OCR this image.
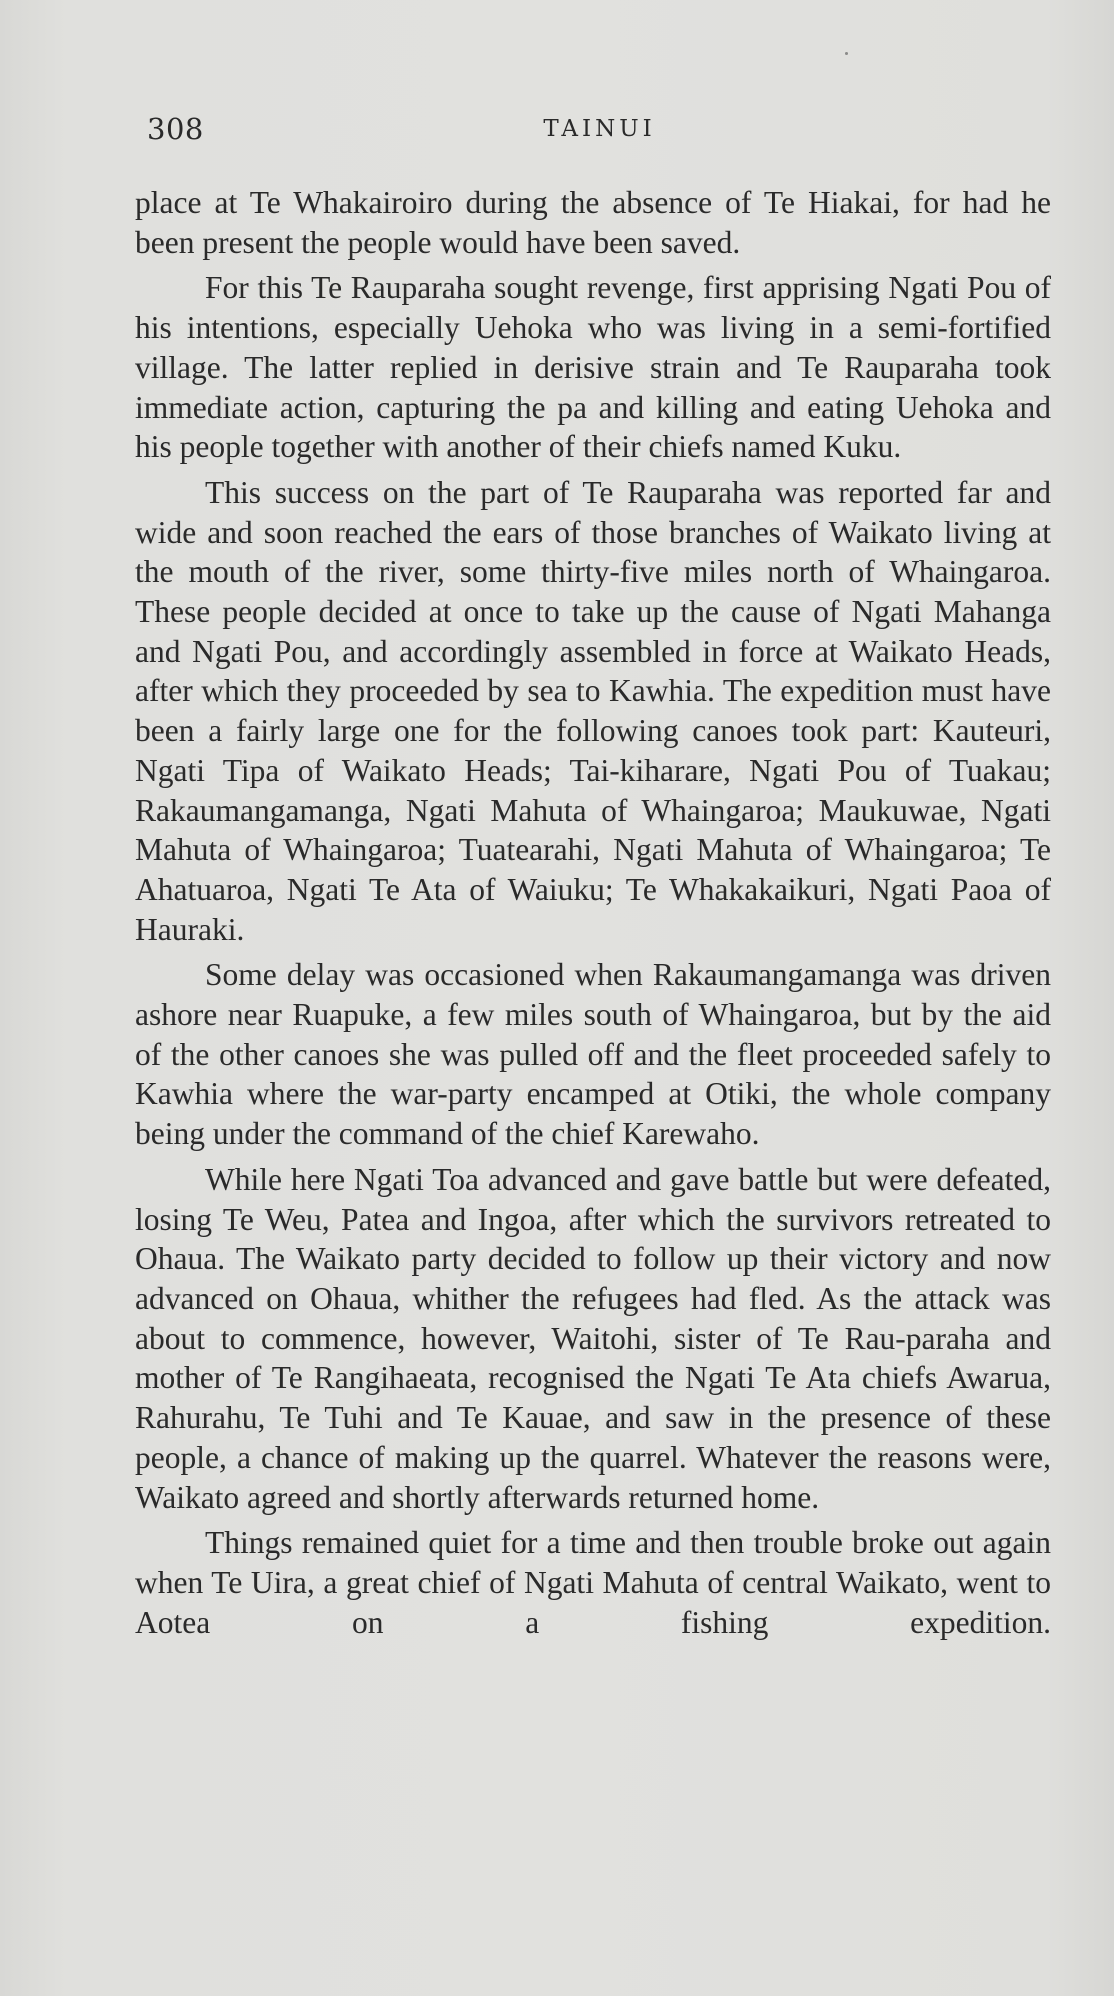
308	TAINUI

place at Te Whakairoiro during the absence of Te Hiakai, for had he been present the people would have been saved.

For this Te Rauparaha sought revenge, first apprising Ngati Pou of his intentions, especially Uehoka who was living in a semi-fortified village. The latter replied in derisive strain and Te Rauparaha took immediate action, capturing the pa and killing and eating Uehoka and his people together with another of their chiefs named Kuku.

This success on the part of Te Rauparaha was reported far and wide and soon reached the ears of those branches of Waikato living at the mouth of the river, some thirty-five miles north of Whaingaroa. These people decided at once to take up the cause of Ngati Mahanga and Ngati Pou, and accordingly assembled in force at Waikato Heads, after which they proceeded by sea to Kawhia. The expedition must have been a fairly large one for the following canoes took part: Kauteuri, Ngati Tipa of Waikato Heads; Tai-kiharare, Ngati Pou of Tuakau; Rakaumangamanga, Ngati Mahuta of Whaingaroa; Maukuwae, Ngati Mahuta of Whaingaroa; Tuatearahi, Ngati Mahuta of Whaingaroa; Te Ahatuaroa, Ngati Te Ata of Waiuku; Te Whakakaikuri, Ngati Paoa of Hauraki.

Some delay was occasioned when Rakaumangamanga was driven ashore near Ruapuke, a few miles south of Whaingaroa, but by the aid of the other canoes she was pulled off and the fleet proceeded safely to Kawhia where the war-party encamped at Otiki, the whole company being under the command of the chief Karewaho.

While here Ngati Toa advanced and gave battle but were defeated, losing Te Weu, Patea and Ingoa, after which the survivors retreated to Ohaua. The Waikato party decided to follow up their victory and now advanced on Ohaua, whither the refugees had fled. As the attack was about to commence, however, Waitohi, sister of Te Rau-paraha and mother of Te Rangihaeata, recognised the Ngati Te Ata chiefs Awarua, Rahurahu, Te Tuhi and Te Kauae, and saw in the presence of these people, a chance of making up the quarrel. Whatever the reasons were, Waikato agreed and shortly afterwards returned home.

Things remained quiet for a time and then trouble broke out again when Te Uira, a great chief of Ngati Mahuta of central Waikato, went to Aotea on a fishing expedition.
